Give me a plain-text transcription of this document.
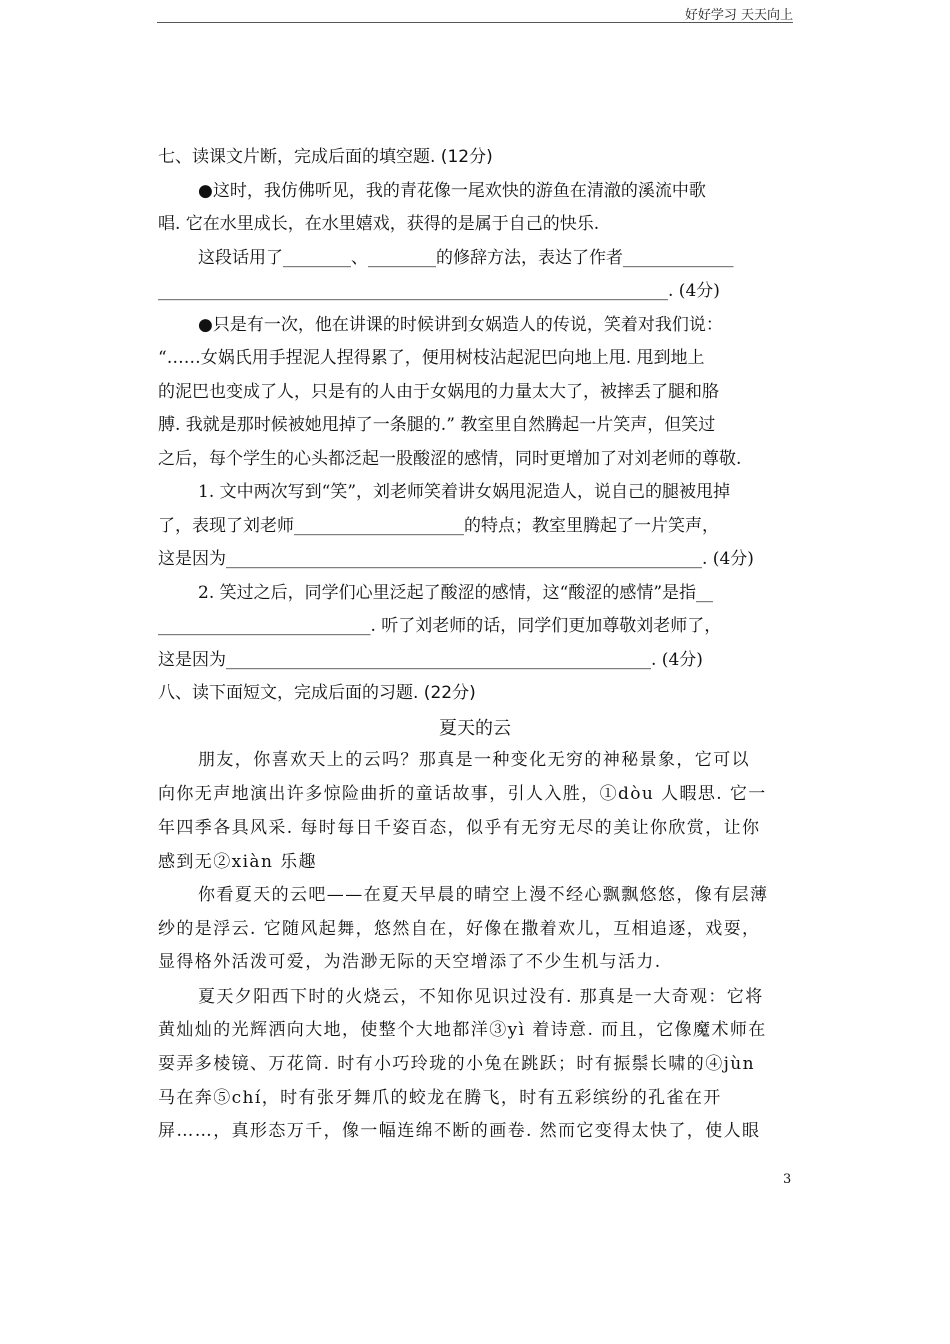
好好学习 天天向上
七、读课文片断，完成后面的填空题. (12分)
●这时，我仿佛听见，我的青花像一尾欢快的游鱼在清澈的溪流中歌
唱. 它在水里成长，在水里嬉戏，获得的是属于自己的快乐.
这段话用了________、________的修辞方法，表达了作者_____________
____________________________________________________________. (4分)
●只是有一次，他在讲课的时候讲到女娲造人的传说，笑着对我们说：
“……女娲氏用手捏泥人捏得累了，便用树枝沾起泥巴向地上甩. 甩到地上
的泥巴也变成了人，只是有的人由于女娲甩的力量太大了，被摔丢了腿和胳
膊. 我就是那时候被她甩掉了一条腿的.” 教室里自然腾起一片笑声，但笑过
之后，每个学生的心头都泛起一股酸涩的感情，同时更增加了对刘老师的尊敬.
1. 文中两次写到“笑”，刘老师笑着讲女娲甩泥造人，说自己的腿被甩掉
了，表现了刘老师____________________的特点；教室里腾起了一片笑声，
这是因为________________________________________________________. (4分)
2. 笑过之后，同学们心里泛起了酸涩的感情，这“酸涩的感情”是指__
_________________________. 听了刘老师的话，同学们更加尊敬刘老师了，
这是因为__________________________________________________. (4分)
八、读下面短文，完成后面的习题. (22分)
夏天的云
朋友，你喜欢天上的云吗？那真是一种变化无穷的神秘景象，它可以
向你无声地演出许多惊险曲折的童话故事，引人入胜，①dòu 人暇思. 它一
年四季各具风采. 每时每日千姿百态，似乎有无穷无尽的美让你欣赏，让你
感到无②xiàn 乐趣
你看夏天的云吧——在夏天早晨的晴空上漫不经心飘飘悠悠，像有层薄
纱的是浮云. 它随风起舞，悠然自在，好像在撒着欢儿，互相追逐，戏耍，
显得格外活泼可爱，为浩渺无际的天空增添了不少生机与活力.
夏天夕阳西下时的火烧云，不知你见识过没有. 那真是一大奇观：它将
黄灿灿的光辉洒向大地，使整个大地都洋③yì 着诗意. 而且，它像魔术师在
耍弄多棱镜、万花筒. 时有小巧玲珑的小兔在跳跃；时有振鬃长啸的④jùn
马在奔⑤chí，时有张牙舞爪的蛟龙在腾飞，时有五彩缤纷的孔雀在开
屏……，真形态万千，像一幅连绵不断的画卷. 然而它变得太快了，使人眼
3
